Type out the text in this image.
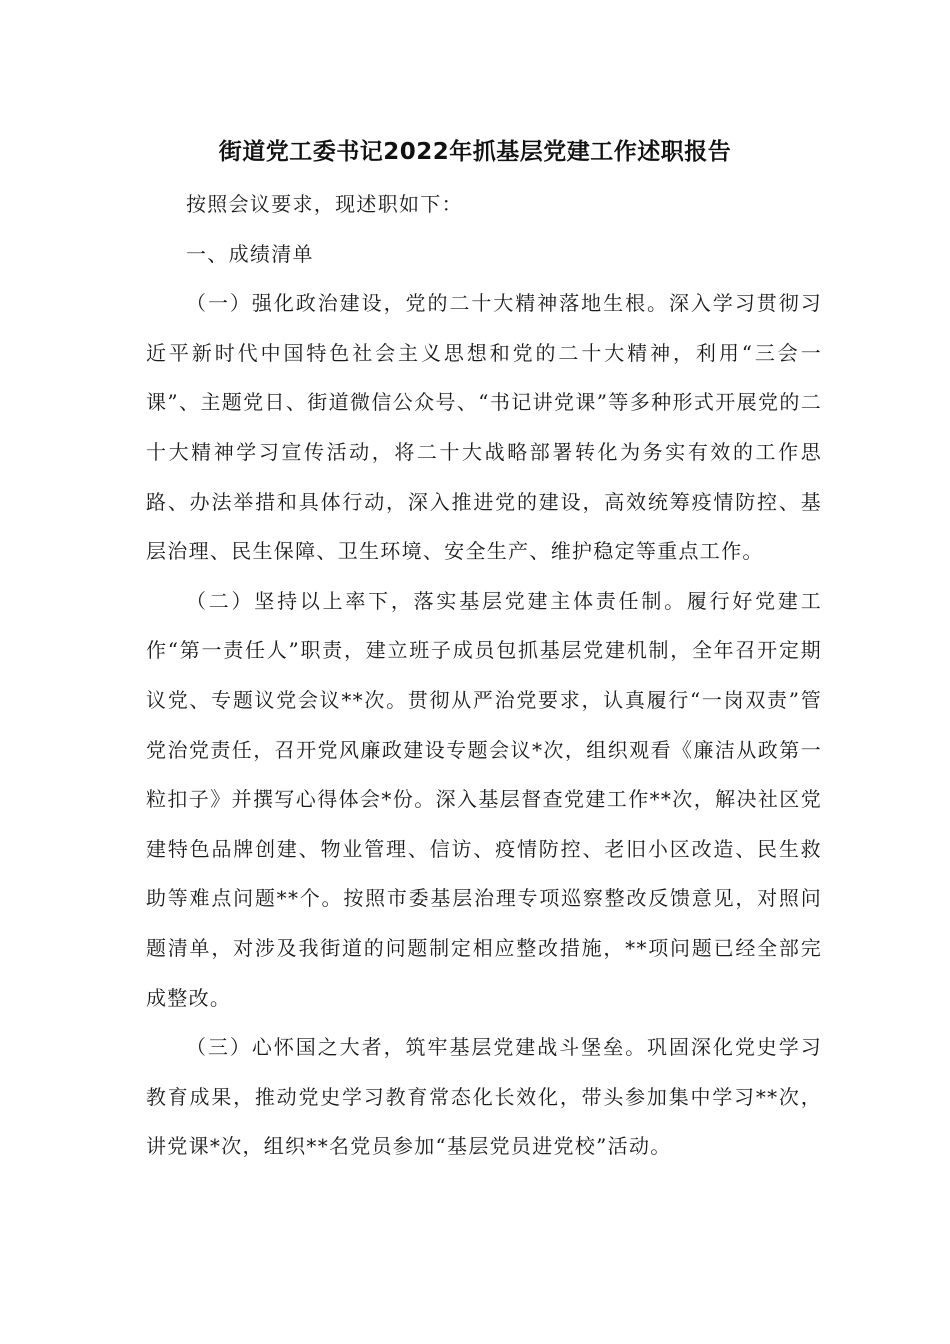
街道党工委书记2022年抓基层党建工作述职报告

按照会议要求，现述职如下：

一、成绩清单

（一）强化政治建设，党的二十大精神落地生根。深入学习贯彻习近平新时代中国特色社会主义思想和党的二十大精神，利用“三会一课”、主题党日、街道微信公众号、“书记讲党课”等多种形式开展党的二十大精神学习宣传活动，将二十大战略部署转化为务实有效的工作思路、办法举措和具体行动，深入推进党的建设，高效统筹疫情防控、基层治理、民生保障、卫生环境、安全生产、维护稳定等重点工作。

（二）坚持以上率下，落实基层党建主体责任制。履行好党建工作“第一责任人”职责，建立班子成员包抓基层党建机制，全年召开定期议党、专题议党会议**次。贯彻从严治党要求，认真履行“一岗双责”管党治党责任，召开党风廉政建设专题会议*次，组织观看《廉洁从政第一粒扣子》并撰写心得体会*份。深入基层督查党建工作**次，解决社区党建特色品牌创建、物业管理、信访、疫情防控、老旧小区改造、民生救助等难点问题**个。按照市委基层治理专项巡察整改反馈意见，对照问题清单，对涉及我街道的问题制定相应整改措施，**项问题已经全部完成整改。

（三）心怀国之大者，筑牢基层党建战斗堡垒。巩固深化党史学习教育成果，推动党史学习教育常态化长效化，带头参加集中学习**次，讲党课*次，组织**名党员参加“基层党员进党校”活动。
